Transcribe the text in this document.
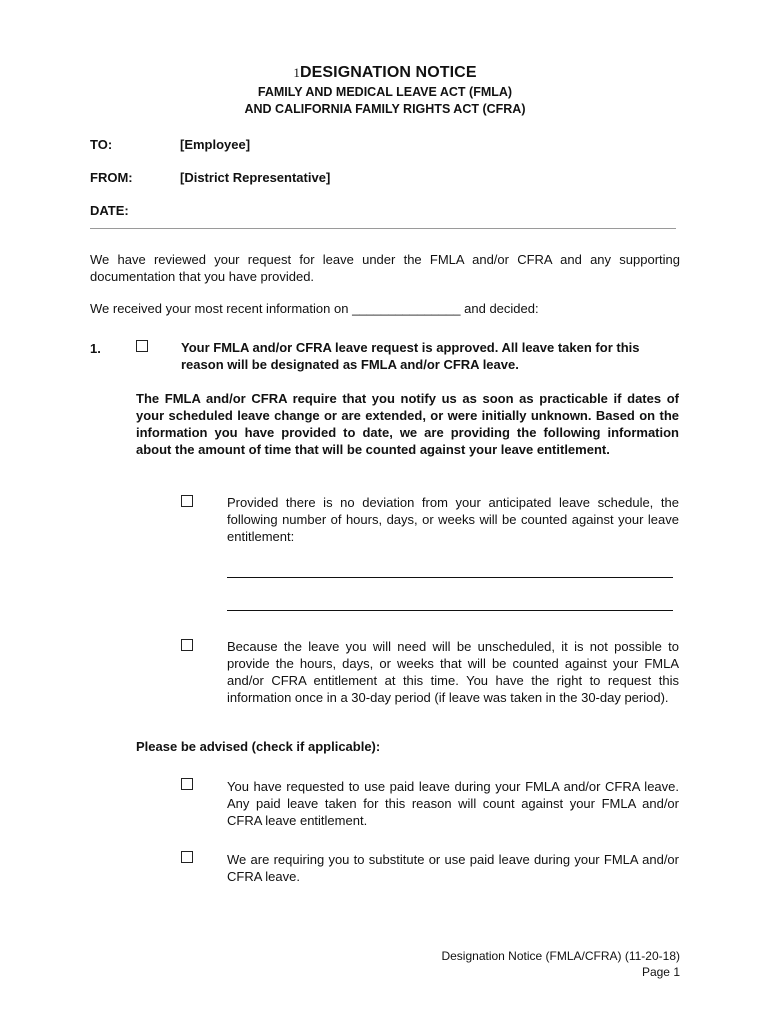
1DESIGNATION NOTICE
FAMILY AND MEDICAL LEAVE ACT (FMLA)
AND CALIFORNIA FAMILY RIGHTS ACT (CFRA)
TO:	[Employee]
FROM:	[District Representative]
DATE:
We have reviewed your request for leave under the FMLA and/or CFRA and any supporting documentation that you have provided.
We received your most recent information on _______________ and decided:
1.	Your FMLA and/or CFRA leave request is approved. All leave taken for this reason will be designated as FMLA and/or CFRA leave.
The FMLA and/or CFRA require that you notify us as soon as practicable if dates of your scheduled leave change or are extended, or were initially unknown. Based on the information you have provided to date, we are providing the following information about the amount of time that will be counted against your leave entitlement.
Provided there is no deviation from your anticipated leave schedule, the following number of hours, days, or weeks will be counted against your leave entitlement:
Because the leave you will need will be unscheduled, it is not possible to provide the hours, days, or weeks that will be counted against your FMLA and/or CFRA entitlement at this time. You have the right to request this information once in a 30-day period (if leave was taken in the 30-day period).
Please be advised (check if applicable):
You have requested to use paid leave during your FMLA and/or CFRA leave. Any paid leave taken for this reason will count against your FMLA and/or CFRA leave entitlement.
We are requiring you to substitute or use paid leave during your FMLA and/or CFRA leave.
Designation Notice (FMLA/CFRA) (11-20-18)
Page 1
